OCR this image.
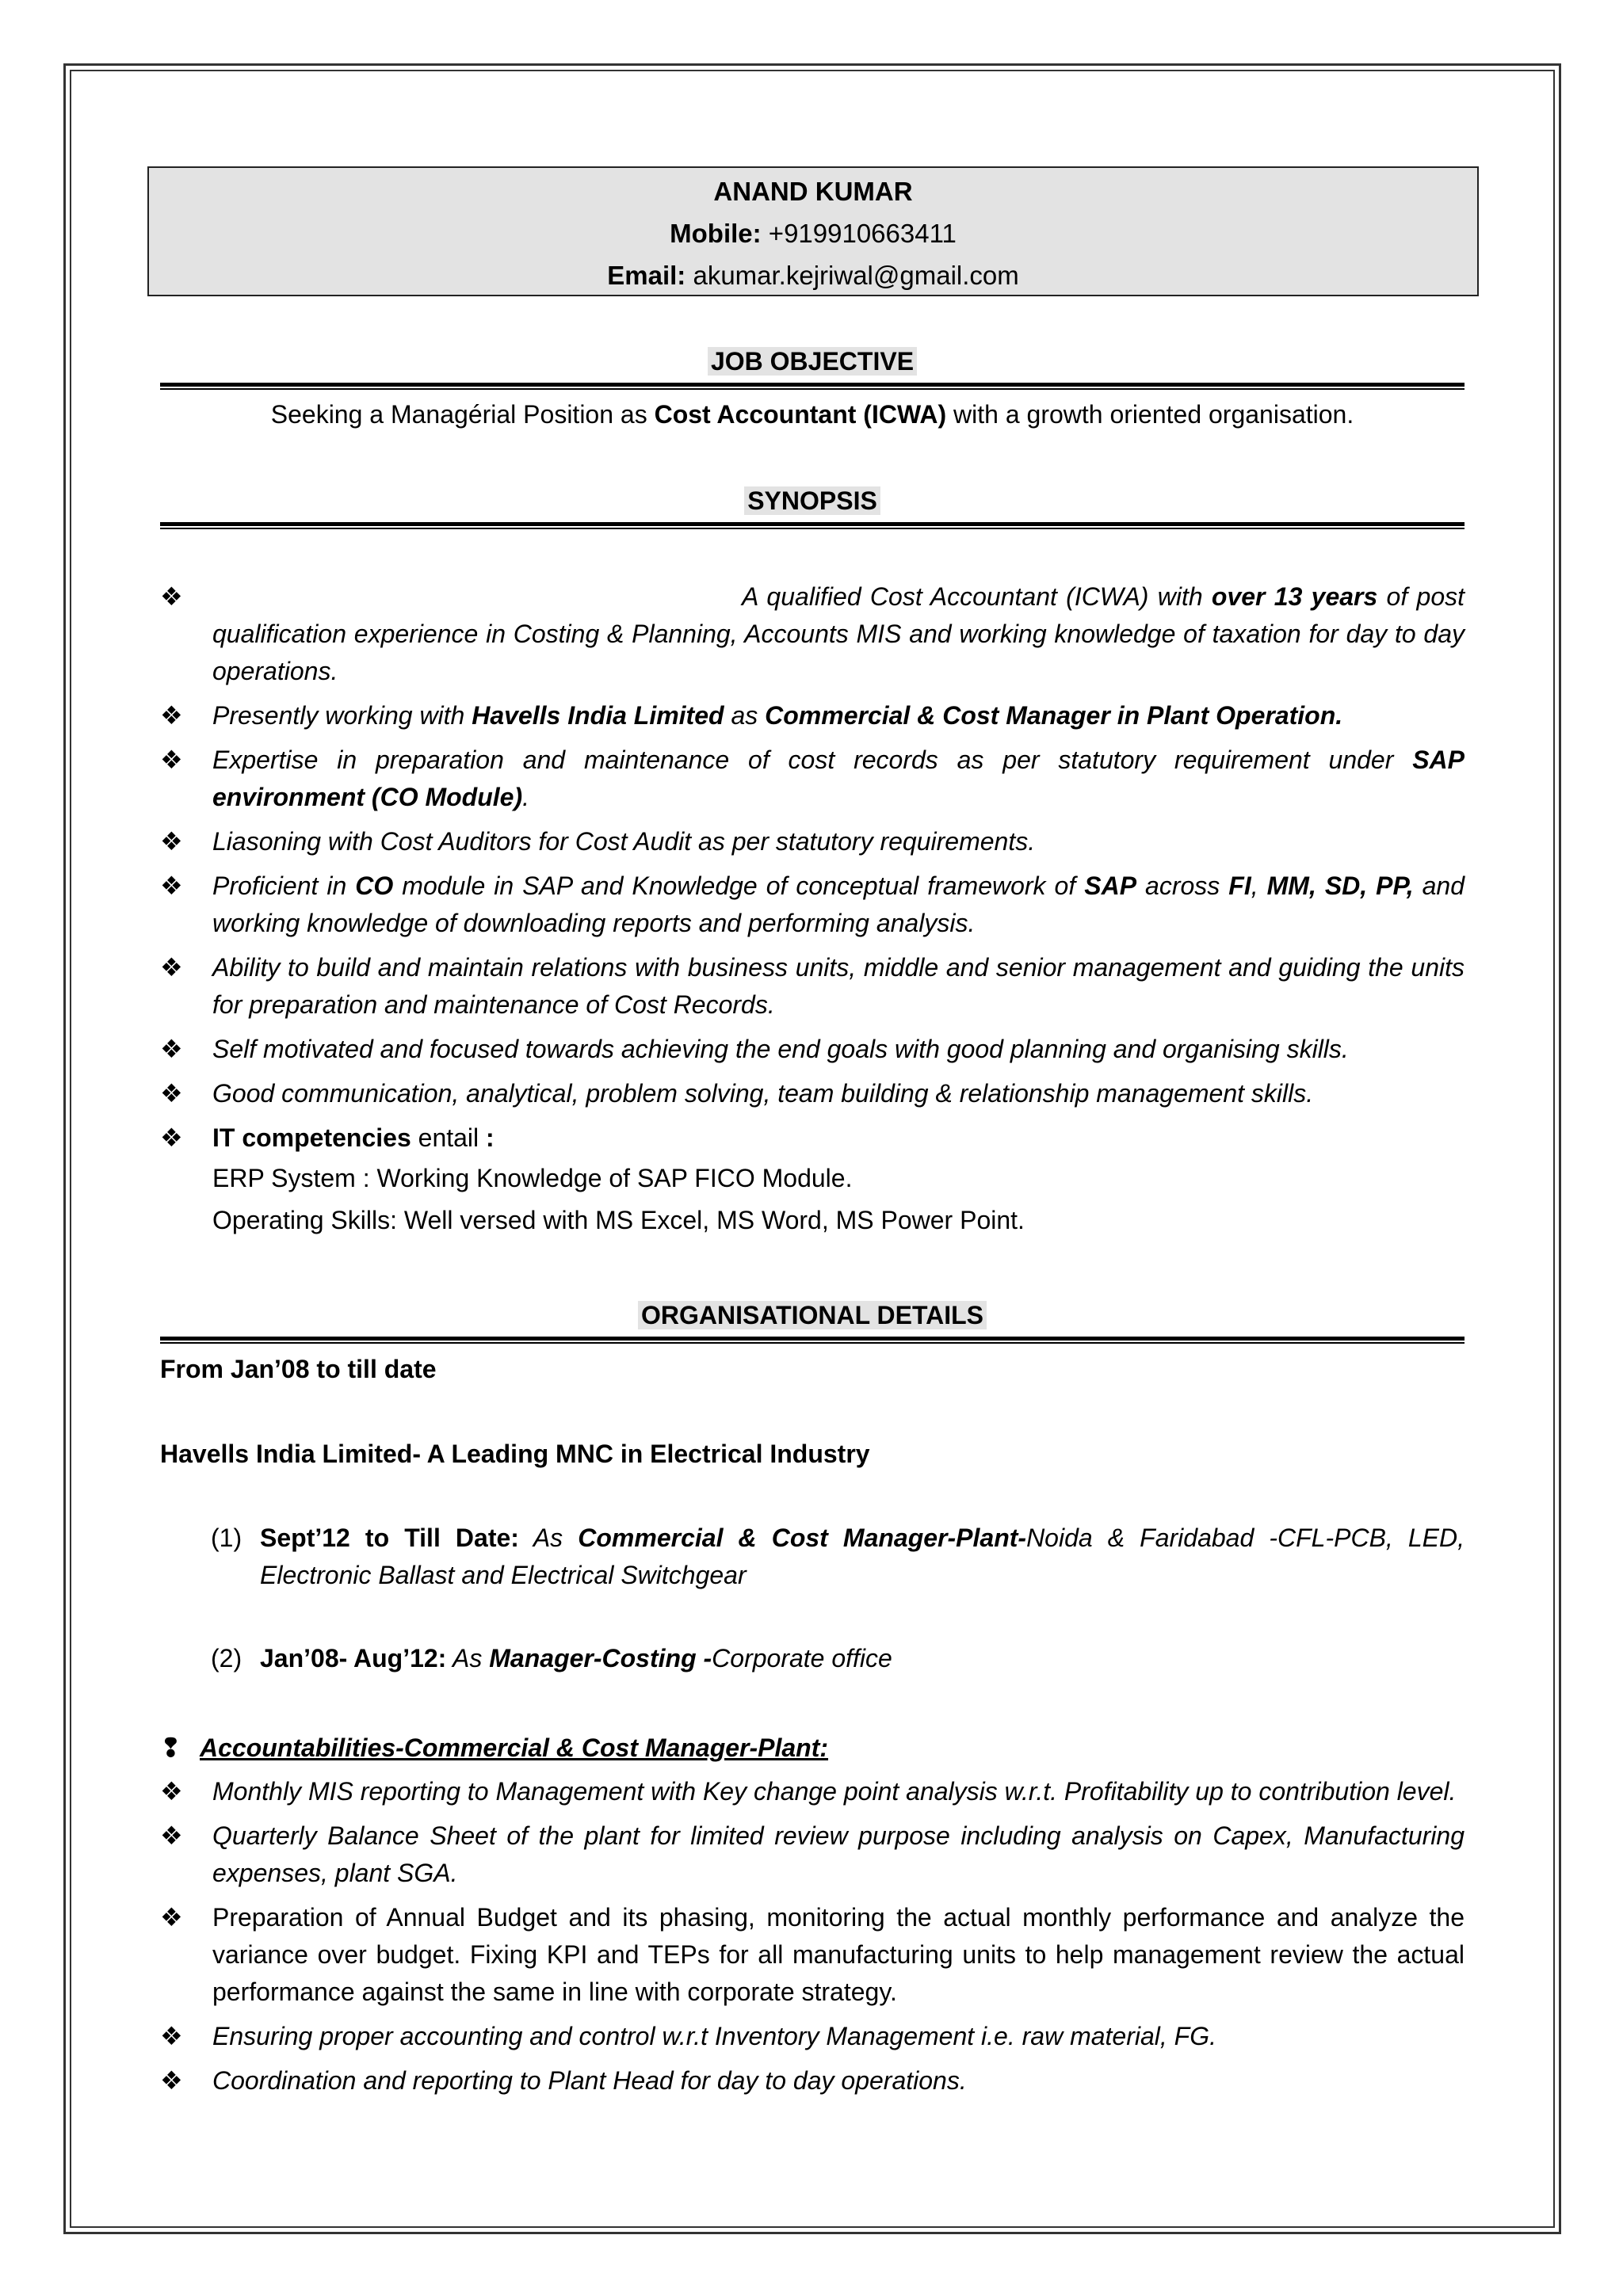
ANAND KUMAR
Mobile: +919910663411
Email: akumar.kejriwal@gmail.com
JOB OBJECTIVE
Seeking a Managérial Position as Cost Accountant (ICWA) with a growth oriented organisation.
SYNOPSIS
❖	A qualified Cost Accountant (ICWA) with over 13 years of post qualification experience in Costing & Planning, Accounts MIS and working knowledge of taxation for day to day operations.
❖ Presently working with Havells India Limited as Commercial & Cost Manager in Plant Operation.
❖ Expertise in preparation and maintenance of cost records as per statutory requirement under SAP environment (CO Module).
❖ Liasoning with Cost Auditors for Cost Audit as per statutory requirements.
❖ Proficient in CO module in SAP and Knowledge of conceptual framework of SAP across FI, MM, SD, PP, and working knowledge of downloading reports and performing analysis.
❖ Ability to build and maintain relations with business units, middle and senior management and guiding the units for preparation and maintenance of Cost Records.
❖ Self motivated and focused towards achieving the end goals with good planning and organising skills.
❖ Good communication, analytical, problem solving, team building & relationship management skills.
❖ IT competencies entail :
ERP System : Working Knowledge of SAP FICO Module.
Operating Skills: Well versed with MS Excel, MS Word, MS Power Point.
ORGANISATIONAL DETAILS
From Jan’08 to till date
Havells India Limited- A Leading MNC in Electrical Industry
(1) Sept’12 to Till Date: As Commercial & Cost Manager-Plant-Noida & Faridabad -CFL-PCB, LED, Electronic Ballast and Electrical Switchgear
(2) Jan’08- Aug’12: As Manager-Costing -Corporate office
❢ Accountabilities-Commercial & Cost Manager-Plant:
❖ Monthly MIS reporting to Management with Key change point analysis w.r.t. Profitability up to contribution level.
❖ Quarterly Balance Sheet of the plant for limited review purpose including analysis on Capex, Manufacturing expenses, plant SGA.
❖ Preparation of Annual Budget and its phasing, monitoring the actual monthly performance and analyze the variance over budget. Fixing KPI and TEPs for all manufacturing units to help management review the actual performance against the same in line with corporate strategy.
❖ Ensuring proper accounting and control w.r.t Inventory Management i.e. raw material, FG.
❖ Coordination and reporting to Plant Head for day to day operations.
